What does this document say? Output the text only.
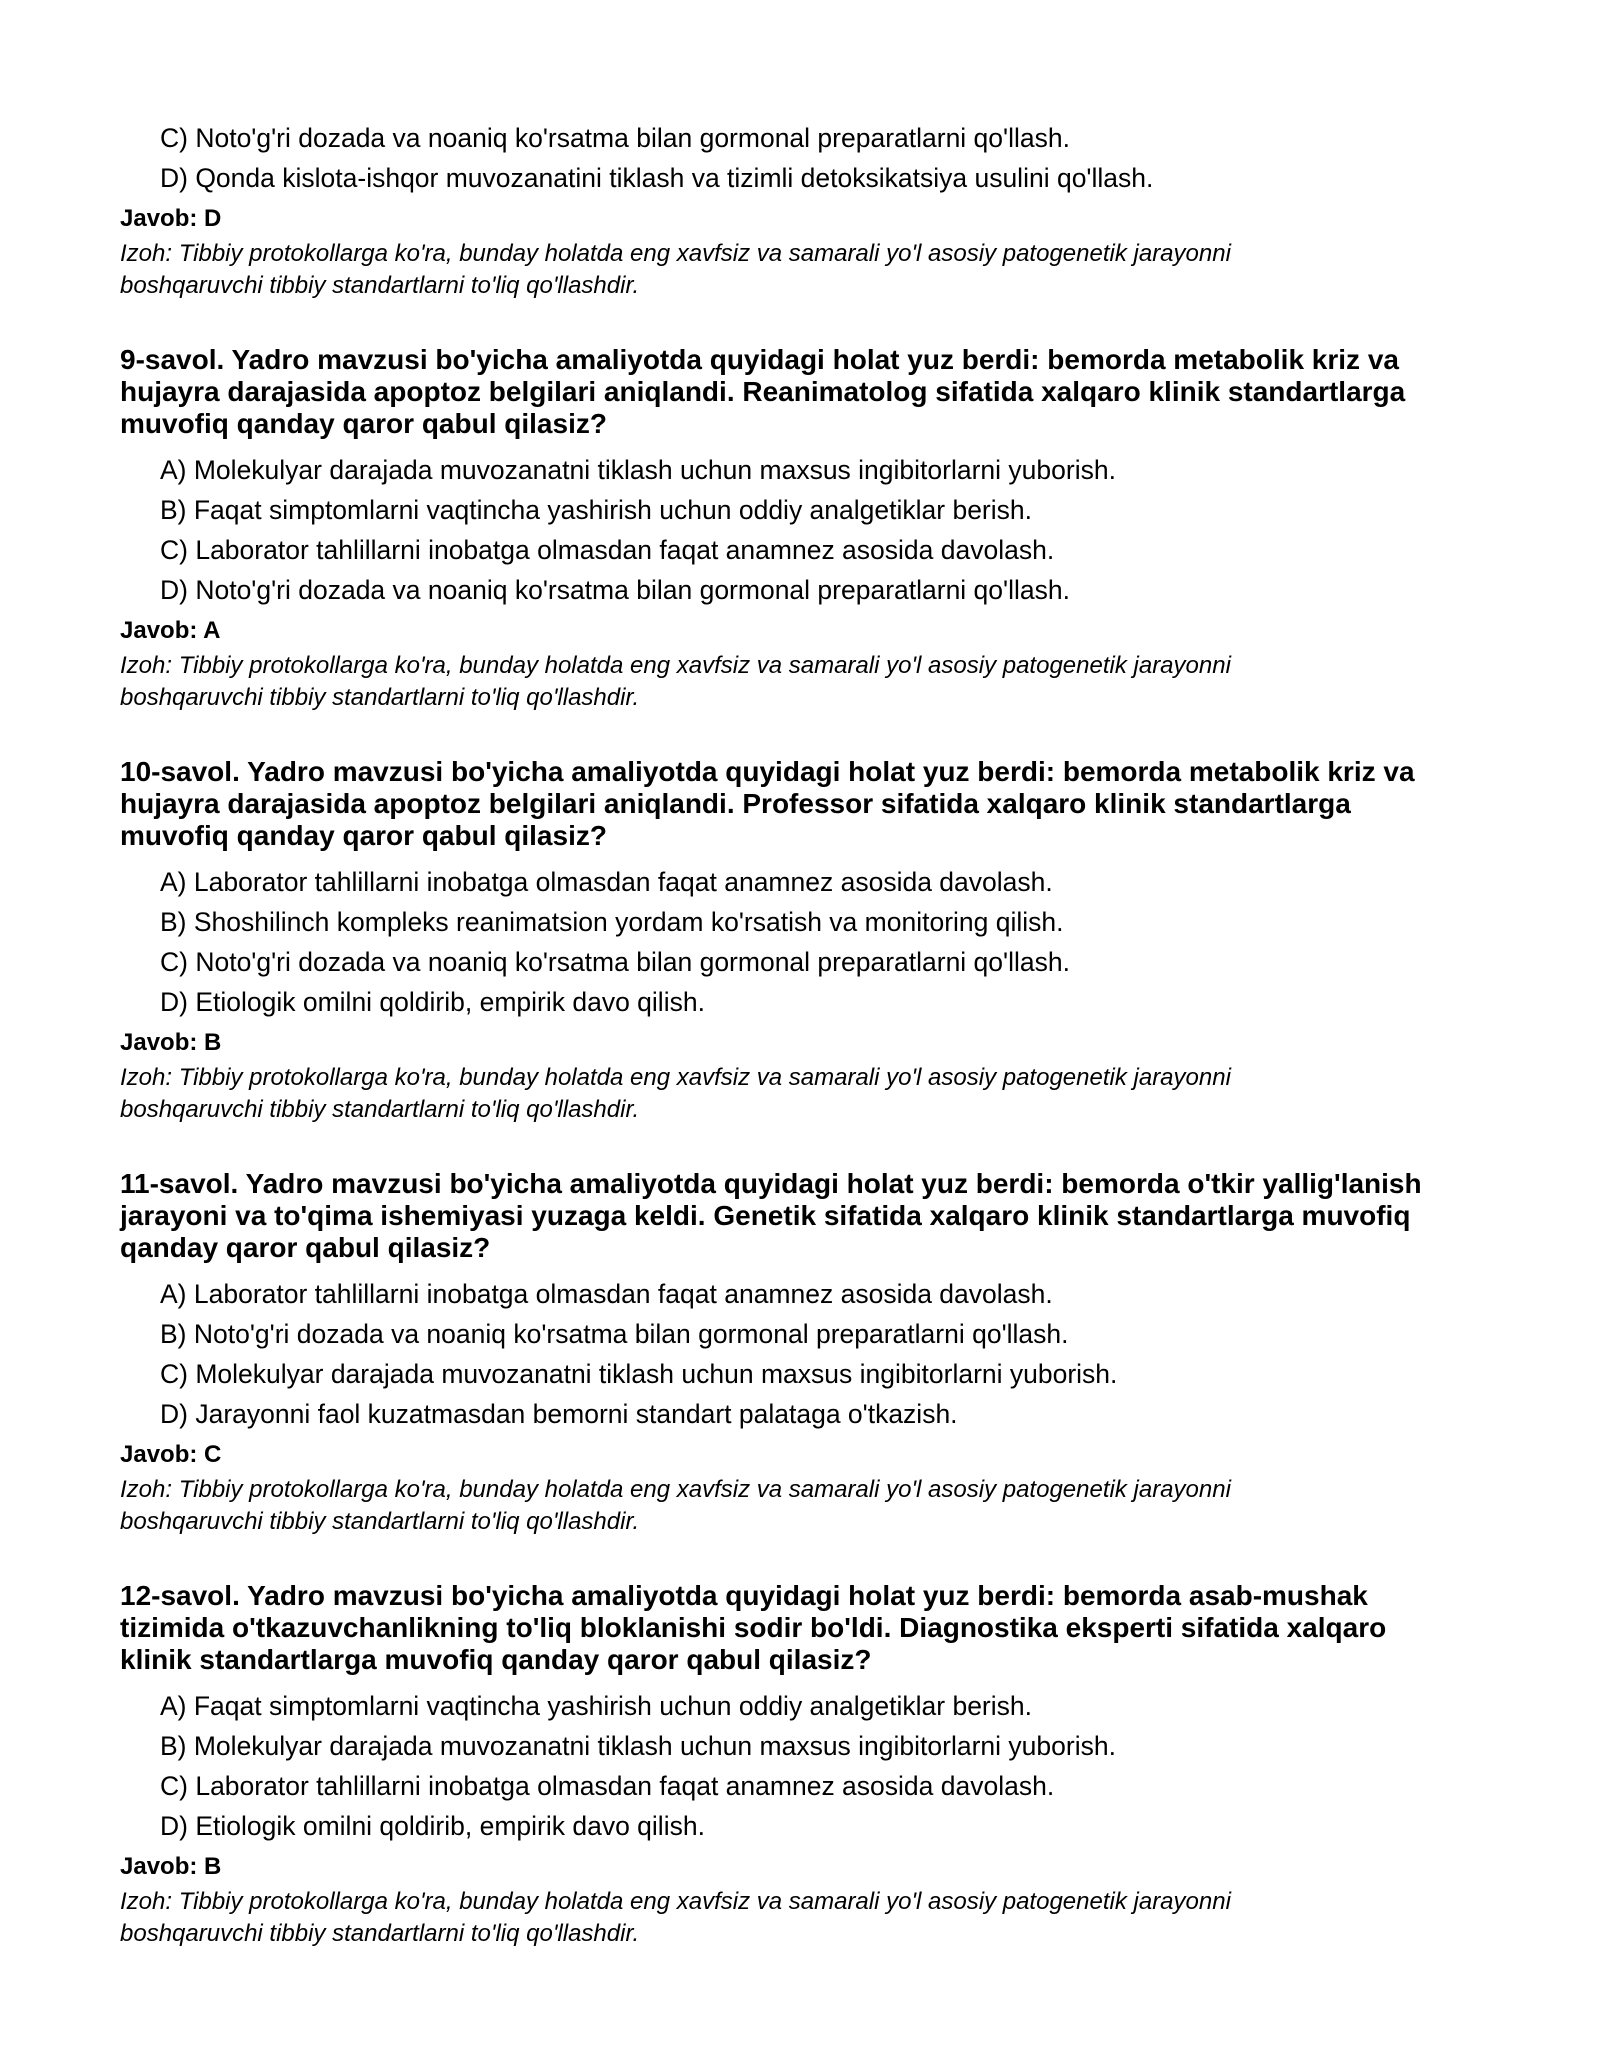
C) Noto'g'ri dozada va noaniq ko'rsatma bilan gormonal preparatlarni qo'llash.
D) Qonda kislota-ishqor muvozanatini tiklash va tizimli detoksikatsiya usulini qo'llash.
Javob: D
Izoh: Tibbiy protokollarga ko'ra, bunday holatda eng xavfsiz va samarali yo'l asosiy patogenetik jarayonni
boshqaruvchi tibbiy standartlarni to'liq qo'llashdir.
9-savol. Yadro mavzusi bo'yicha amaliyotda quyidagi holat yuz berdi: bemorda metabolik kriz va
hujayra darajasida apoptoz belgilari aniqlandi. Reanimatolog sifatida xalqaro klinik standartlarga
muvofiq qanday qaror qabul qilasiz?
A) Molekulyar darajada muvozanatni tiklash uchun maxsus ingibitorlarni yuborish.
B) Faqat simptomlarni vaqtincha yashirish uchun oddiy analgetiklar berish.
C) Laborator tahlillarni inobatga olmasdan faqat anamnez asosida davolash.
D) Noto'g'ri dozada va noaniq ko'rsatma bilan gormonal preparatlarni qo'llash.
Javob: A
Izoh: Tibbiy protokollarga ko'ra, bunday holatda eng xavfsiz va samarali yo'l asosiy patogenetik jarayonni
boshqaruvchi tibbiy standartlarni to'liq qo'llashdir.
10-savol. Yadro mavzusi bo'yicha amaliyotda quyidagi holat yuz berdi: bemorda metabolik kriz va
hujayra darajasida apoptoz belgilari aniqlandi. Professor sifatida xalqaro klinik standartlarga
muvofiq qanday qaror qabul qilasiz?
A) Laborator tahlillarni inobatga olmasdan faqat anamnez asosida davolash.
B) Shoshilinch kompleks reanimatsion yordam ko'rsatish va monitoring qilish.
C) Noto'g'ri dozada va noaniq ko'rsatma bilan gormonal preparatlarni qo'llash.
D) Etiologik omilni qoldirib, empirik davo qilish.
Javob: B
Izoh: Tibbiy protokollarga ko'ra, bunday holatda eng xavfsiz va samarali yo'l asosiy patogenetik jarayonni
boshqaruvchi tibbiy standartlarni to'liq qo'llashdir.
11-savol. Yadro mavzusi bo'yicha amaliyotda quyidagi holat yuz berdi: bemorda o'tkir yallig'lanish
jarayoni va to'qima ishemiyasi yuzaga keldi. Genetik sifatida xalqaro klinik standartlarga muvofiq
qanday qaror qabul qilasiz?
A) Laborator tahlillarni inobatga olmasdan faqat anamnez asosida davolash.
B) Noto'g'ri dozada va noaniq ko'rsatma bilan gormonal preparatlarni qo'llash.
C) Molekulyar darajada muvozanatni tiklash uchun maxsus ingibitorlarni yuborish.
D) Jarayonni faol kuzatmasdan bemorni standart palataga o'tkazish.
Javob: C
Izoh: Tibbiy protokollarga ko'ra, bunday holatda eng xavfsiz va samarali yo'l asosiy patogenetik jarayonni
boshqaruvchi tibbiy standartlarni to'liq qo'llashdir.
12-savol. Yadro mavzusi bo'yicha amaliyotda quyidagi holat yuz berdi: bemorda asab-mushak
tizimida o'tkazuvchanlikning to'liq bloklanishi sodir bo'ldi. Diagnostika eksperti sifatida xalqaro
klinik standartlarga muvofiq qanday qaror qabul qilasiz?
A) Faqat simptomlarni vaqtincha yashirish uchun oddiy analgetiklar berish.
B) Molekulyar darajada muvozanatni tiklash uchun maxsus ingibitorlarni yuborish.
C) Laborator tahlillarni inobatga olmasdan faqat anamnez asosida davolash.
D) Etiologik omilni qoldirib, empirik davo qilish.
Javob: B
Izoh: Tibbiy protokollarga ko'ra, bunday holatda eng xavfsiz va samarali yo'l asosiy patogenetik jarayonni
boshqaruvchi tibbiy standartlarni to'liq qo'llashdir.
